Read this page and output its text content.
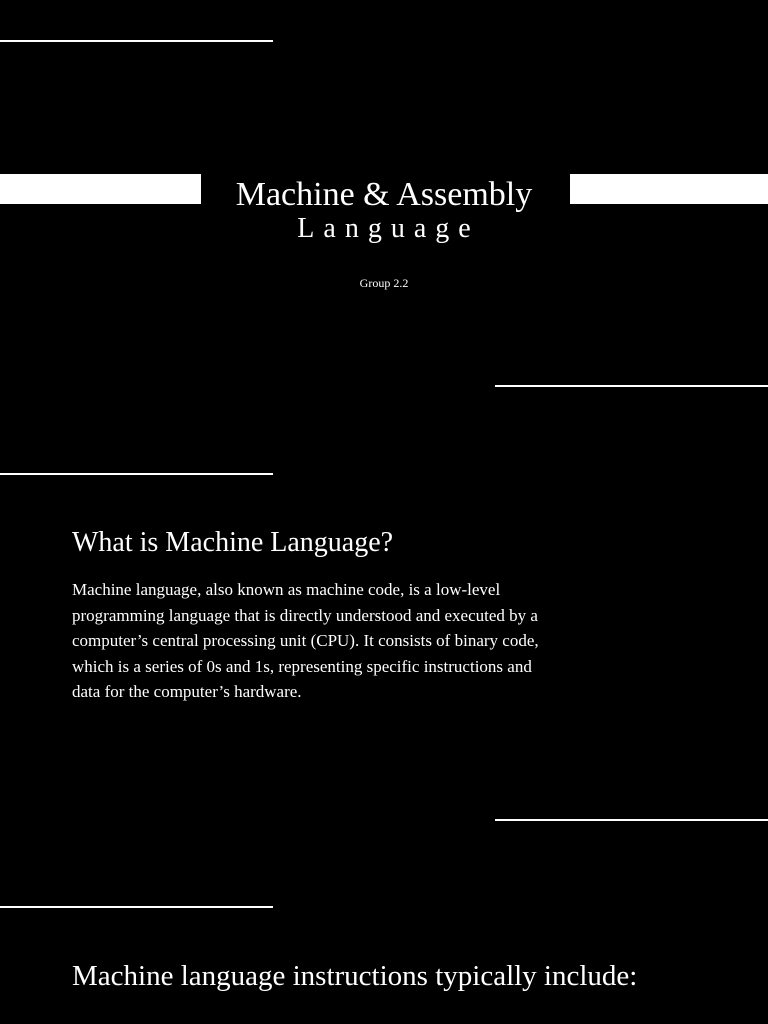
Machine & Assembly
Language
Group 2.2
What is Machine Language?
Machine language, also known as machine code, is a low-level programming language that is directly understood and executed by a computer’s central processing unit (CPU). It consists of binary code, which is a series of 0s and 1s, representing specific instructions and data for the computer’s hardware.
Machine language instructions typically include:
